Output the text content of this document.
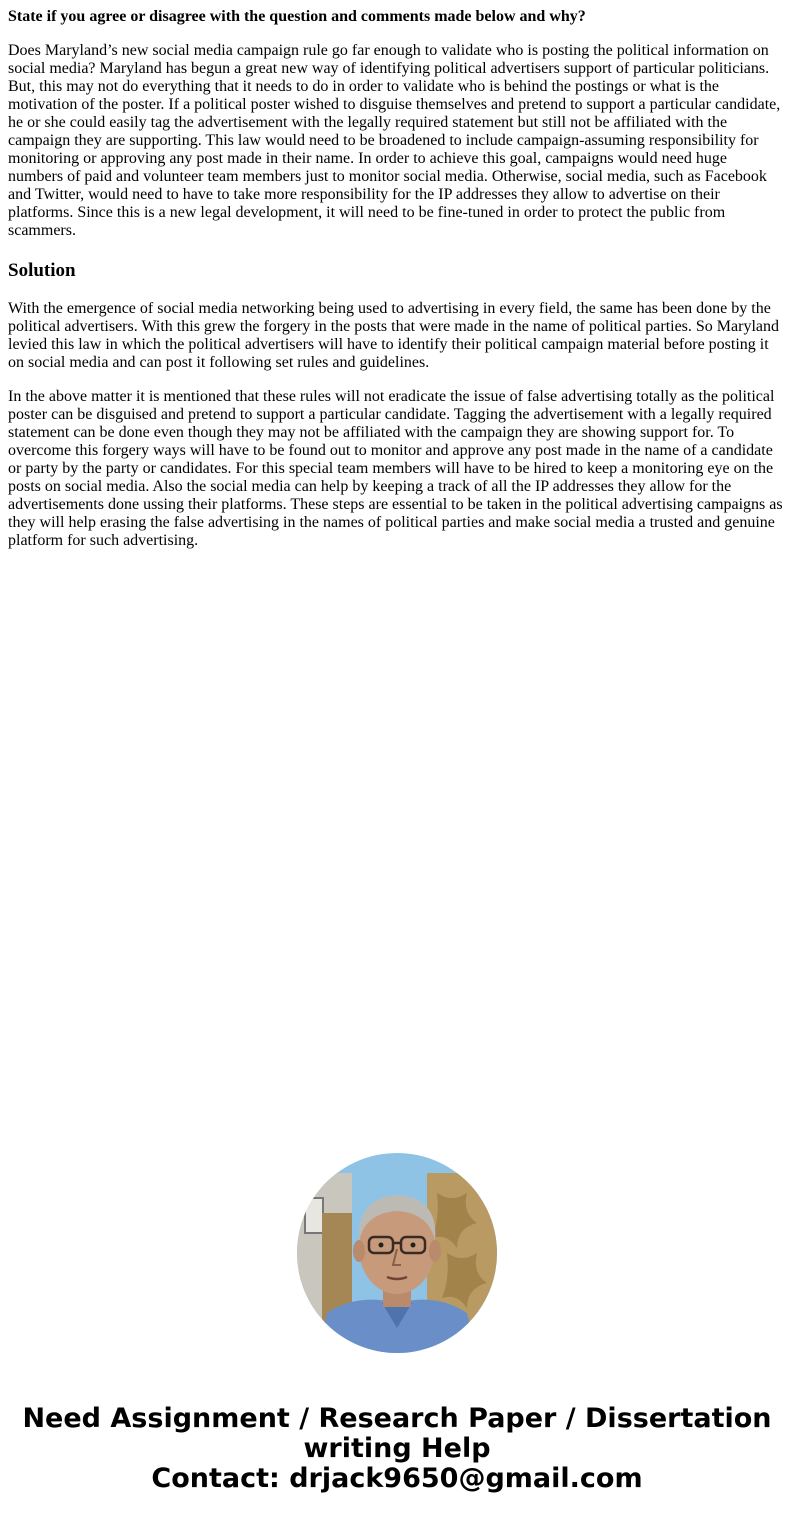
State if you agree or disagree with the question and comments made below and why?

Does Maryland’s new social media campaign rule go far enough to validate who is posting the political information on social media? Maryland has begun a great new way of identifying political advertisers support of particular politicians. But, this may not do everything that it needs to do in order to validate who is behind the postings or what is the motivation of the poster. If a political poster wished to disguise themselves and pretend to support a particular candidate, he or she could easily tag the advertisement with the legally required statement but still not be affiliated with the campaign they are supporting. This law would need to be broadened to include campaign-assuming responsibility for monitoring or approving any post made in their name. In order to achieve this goal, campaigns would need huge numbers of paid and volunteer team members just to monitor social media. Otherwise, social media, such as Facebook and Twitter, would need to have to take more responsibility for the IP addresses they allow to advertise on their platforms. Since this is a new legal development, it will need to be fine-tuned in order to protect the public from scammers.

Solution

With the emergence of social media networking being used to advertising in every field, the same has been done by the political advertisers. With this grew the forgery in the posts that were made in the name of political parties. So Maryland levied this law in which the political advertisers will have to identify their political campaign material before posting it on social media and can post it following set rules and guidelines.

In the above matter it is mentioned that these rules will not eradicate the issue of false advertising totally as the political poster can be disguised and pretend to support a particular candidate. Tagging the advertisement with a legally required statement can be done even though they may not be affiliated with the campaign they are showing support for. To overcome this forgery ways will have to be found out to monitor and approve any post made in the name of a candidate or party by the party or candidates. For this special team members will have to be hired to keep a monitoring eye on the posts on social media. Also the social media can help by keeping a track of all the IP addresses they allow for the advertisements done ussing their platforms. These steps are essential to be taken in the political advertising campaigns as they will help erasing the false advertising in the names of political parties and make social media a trusted and genuine platform for such advertising.

Need Assignment / Research Paper / Dissertation
writing Help
Contact: drjack9650@gmail.com
